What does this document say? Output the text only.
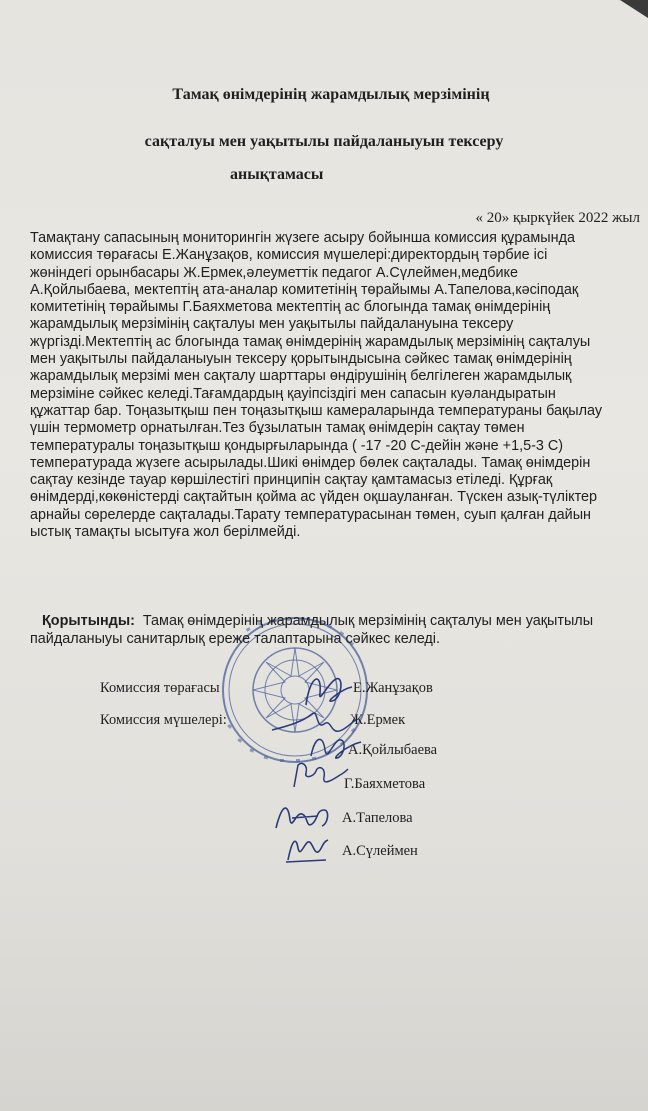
Тамақ өнімдерінің жарамдылық мерзімінің
сақталуы мен уақытылы пайдаланыуын тексеру
анықтамасы
« 20» қыркүйек 2022 жыл
Тамақтану сапасының мониторингін жүзеге асыру бойынша комиссия құрамында
комиссия төрағасы Е.Жанұзақов, комиссия мүшелері:директордың тәрбие ісі
жөніндегі орынбасары Ж.Ермек,әлеуметтік педагог А.Сүлеймен,медбике
А.Қойлыбаева, мектептің ата-аналар комитетінің төрайымы А.Тапелова,кәсіподақ
комитетінің төрайымы Г.Баяхметова мектептің ас блогында тамақ өнімдерінің
жарамдылық мерзімінің сақталуы мен уақытылы пайдалануына тексеру
жүргізді.Мектептің ас блогында тамақ өнімдерінің жарамдылық мерзімінің сақталуы
мен уақытылы пайдаланыуын тексеру қорытындысына сәйкес тамақ өнімдерінің
жарамдылық мерзімі мен сақталу шарттары өндірушінің белгілеген жарамдылық
мерзіміне сәйкес келеді.Тағамдардың қауіпсіздігі мен сапасын куәландыратын
құжаттар бар. Тоңазытқыш пен тоңазытқыш камераларында температураны бақылау
үшін термометр орнатылған.Тез бұзылатын тамақ өнімдерін сақтау төмен
температуралы тоңазытқыш қондырғыларында ( -17 -20 С-дейін және +1,5-3 С)
температурада жүзеге асырылады.Шикі өнімдер бөлек сақталады. Тамақ өнімдерін
сақтау кезінде тауар көршілестігі принципін сақтау қамтамасыз етіледі. Құрғақ
өнімдерді,көкөністерді сақтайтын қойма ас үйден оқшауланған. Түскен азық-түліктер
арнайы сөрелерде сақталады.Тарату температурасынан төмен, суып қалған дайын
ыстық тамақты ысытуға жол берілмейді.
Қорытынды: Тамақ өнімдерінің жарамдылық мерзімінің сақталуы мен уақытылы
пайдаланыуы санитарлық ереже талаптарына сәйкес келеді.
Комиссия төрағасы	Е.Жанұзақов
Комиссия мүшелері:	Ж.Ермек
А.Қойлыбаева
Г.Баяхметова
А.Тапелова
А.Сүлеймен
